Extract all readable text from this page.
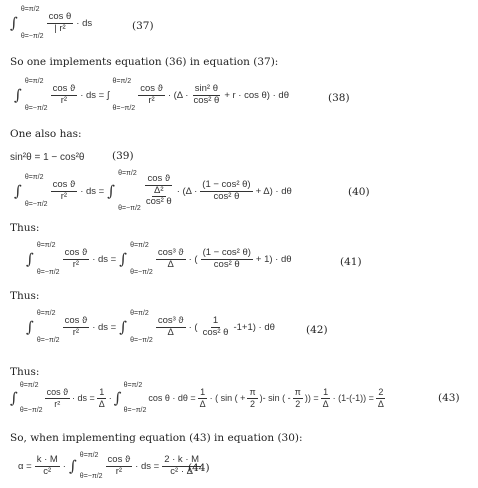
∫
θ=π/2
θ=−π/2
cos θ
| r² · ds	(37)
So one implements equation (36) in equation (37):
∫
θ=π/2
θ=−π/2
cos ϑ
r² · ds = ∫
θ=π/2
θ=−π/2
cos ϑ
r² · (Δ ·
sin² θ
cos² θ + r · cos θ) · dθ	(38)
One also has:
sin²θ = 1 − cos²θ	(39)
∫
θ=π/2
θ=−π/2
cos ϑ
r² · ds = ∫
θ=π/2
θ=−π/2
cos ϑ
Δ²
cos² θ
· (Δ ·
(1 − cos² θ)
cos² θ + Δ) · dθ	(40)
Thus:
∫
θ=π/2
θ=−π/2
cos ϑ
r² · ds = ∫
θ=π/2
θ=−π/2
cos³ ϑ
Δ · (
(1 − cos² θ)
cos² θ + 1) · dθ	(41)
Thus:
∫
θ=π/2
θ=−π/2
cos ϑ
r² · ds = ∫
θ=π/2
θ=−π/2
cos³ ϑ
Δ · (
1
cos² θ -1+1) · dθ	(42)
Thus:
∫
θ=π/2
θ=−π/2
cos ϑ
r²
· ds = $\frac{1}{\Delta}$ · ∫
θ=π/2
θ=−π/2
$\cos \theta \cdot d\theta = \frac{1}{\Delta}$ · ( sin ( + $\frac{\pi}{2}$ )- sin ( -
π
2
)) = $\frac{1}{\Delta} \cdot (1-(-1)) = \frac{2}{\Delta}$	(43)
So, when implementing equation (43) in equation (30):
$\alpha = \frac{k \cdot M}{\text{c²}}$ · ∫
θ=π/2
θ=−π/2
cos ϑ
r² · ds = $\frac{2 \cdot k \cdot M}{\text{c² · Δ}}$
(44)
